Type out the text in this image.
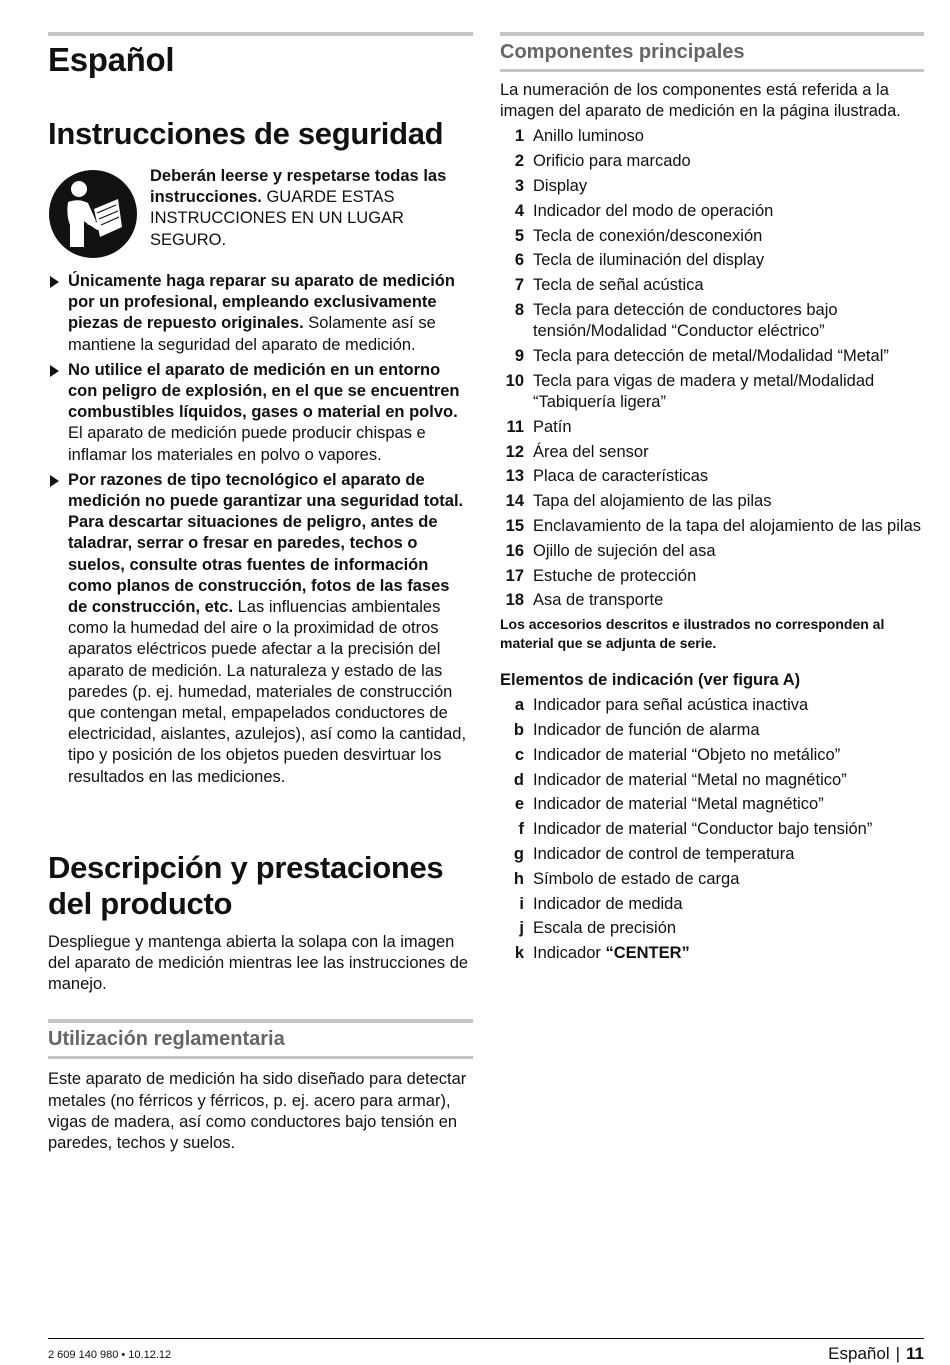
Español
Instrucciones de seguridad

Deberán leerse y respetarse todas las instrucciones. GUARDE ESTAS INSTRUCCIONES EN UN LUGAR SEGURO.

Únicamente haga reparar su aparato de medición por un profesional, empleando exclusivamente piezas de repuesto originales. Solamente así se mantiene la seguridad del aparato de medición.
No utilice el aparato de medición en un entorno con peligro de explosión, en el que se encuentren combustibles líquidos, gases o material en polvo. El aparato de medición puede producir chispas e inflamar los materiales en polvo o vapores.
Por razones de tipo tecnológico el aparato de medición no puede garantizar una seguridad total. Para descartar situaciones de peligro, antes de taladrar, serrar o fresar en paredes, techos o suelos, consulte otras fuentes de información como planos de construcción, fotos de las fases de construcción, etc. Las influencias ambientales como la humedad del aire o la proximidad de otros aparatos eléctricos puede afectar a la precisión del aparato de medición. La naturaleza y estado de las paredes (p. ej. humedad, materiales de construcción que contengan metal, empapelados conductores de electricidad, aislantes, azulejos), así como la cantidad, tipo y posición de los objetos pueden desvirtuar los resultados en las mediciones.
Descripción y prestaciones del producto

Despliegue y mantenga abierta la solapa con la imagen del aparato de medición mientras lee las instrucciones de manejo.

Utilización reglamentaria

Este aparato de medición ha sido diseñado para detectar metales (no férricos y férricos, p. ej. acero para armar), vigas de madera, así como conductores bajo tensión en paredes, techos y suelos.

Componentes principales

La numeración de los componentes está referida a la imagen del aparato de medición en la página ilustrada.

1 Anillo luminoso
2 Orificio para marcado
3 Display
4 Indicador del modo de operación
5 Tecla de conexión/desconexión
6 Tecla de iluminación del display
7 Tecla de señal acústica
8 Tecla para detección de conductores bajo tensión/Modalidad “Conductor eléctrico”
9 Tecla para detección de metal/Modalidad “Metal”
10 Tecla para vigas de madera y metal/Modalidad “Tabiquería ligera”
11 Patín
12 Área del sensor
13 Placa de características
14 Tapa del alojamiento de las pilas
15 Enclavamiento de la tapa del alojamiento de las pilas
16 Ojillo de sujeción del asa
17 Estuche de protección
18 Asa de transporte

Los accesorios descritos e ilustrados no corresponden al material que se adjunta de serie.

Elementos de indicación (ver figura A)

a Indicador para señal acústica inactiva
b Indicador de función de alarma
c Indicador de material “Objeto no metálico”
d Indicador de material “Metal no magnético”
e Indicador de material “Metal magnético”
f Indicador de material “Conductor bajo tensión”
g Indicador de control de temperatura
h Símbolo de estado de carga
i Indicador de medida
j Escala de precisión
k Indicador “CENTER”
2 609 140 980 • 10.12.12	Español | 11
